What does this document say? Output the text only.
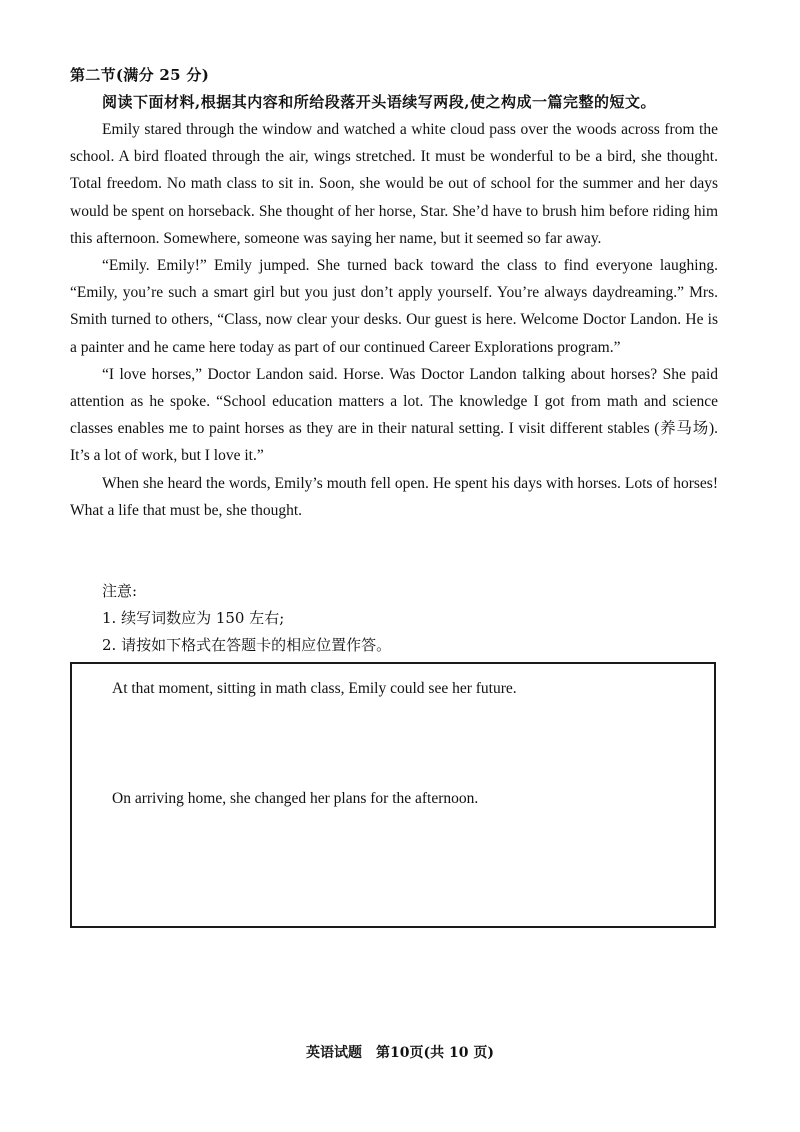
第二节(满分 25 分)
阅读下面材料,根据其内容和所给段落开头语续写两段,使之构成一篇完整的短文。

Emily stared through the window and watched a white cloud pass over the woods across from the school. A bird floated through the air, wings stretched. It must be wonderful to be a bird, she thought. Total freedom. No math class to sit in. Soon, she would be out of school for the summer and her days would be spent on horseback. She thought of her horse, Star. She’d have to brush him before riding him this afternoon. Somewhere, someone was saying her name, but it seemed so far away.

“Emily. Emily!” Emily jumped. She turned back toward the class to find everyone laughing. “Emily, you’re such a smart girl but you just don’t apply yourself. You’re always daydreaming.” Mrs. Smith turned to others, “Class, now clear your desks. Our guest is here. Welcome Doctor Landon. He is a painter and he came here today as part of our continued Career Explorations program.”

“I love horses,” Doctor Landon said. Horse. Was Doctor Landon talking about horses? She paid attention as he spoke. “School education matters a lot. The knowledge I got from math and science classes enables me to paint horses as they are in their natural setting. I visit different stables (养马场). It’s a lot of work, but I love it.”

When she heard the words, Emily’s mouth fell open. He spent his days with horses. Lots of horses! What a life that must be, she thought.

注意:
1. 续写词数应为 150 左右;
2. 请按如下格式在答题卡的相应位置作答。
At that moment, sitting in math class, Emily could see her future.
On arriving home, she changed her plans for the afternoon.
英语试题　第10页(共 10 页)
